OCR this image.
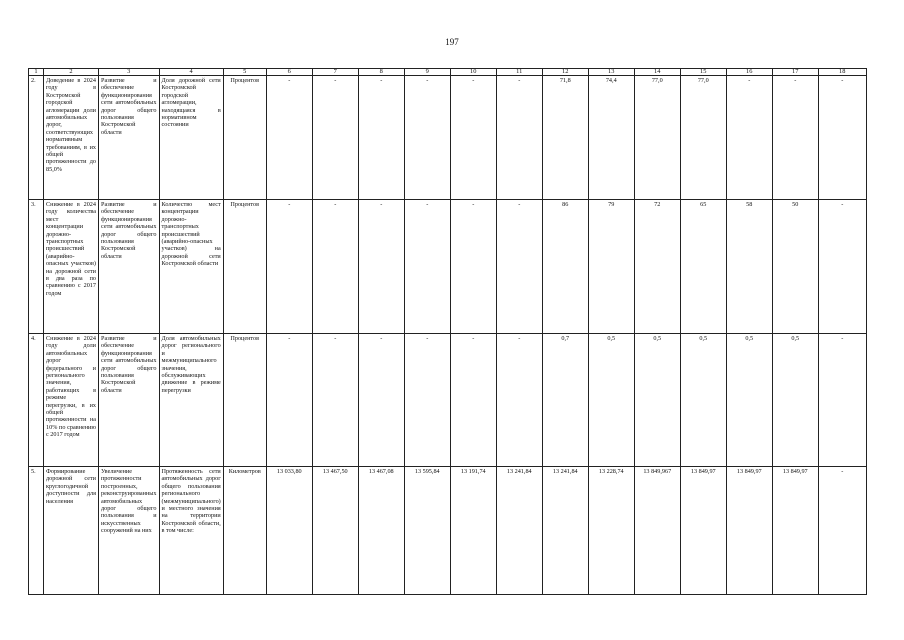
197
1	2	3	4	5	6	7	8	9	10	11	12	13	14	15	16	17	18
2.	Доведение в 2024 году в Костромской городской агломерации доли автомобильных дорог, соответствующих нормативным требованиям, в их общей протяженности до 85,0%	Развитие и обеспечение функционирования сети автомобильных дорог общего пользования Костромской области	Доля дорожной сети Костромской городской агломерации, находящаяся в нормативном состоянии	Процентов	-	-	-	-	-	-	71,8	74,4	77,0	77,0	-	-	-
3.	Снижение в 2024 году количества мест концентрации дорожно-транспортных происшествий (аварийно-опасных участков) на дорожной сети в два раза по сравнению с 2017 годом	Развитие и обеспечение функционирования сети автомобильных дорог общего пользования Костромской области	Количество мест концентрации дорожно-транспортных происшествий (аварийно-опасных участков) на дорожной сети Костромской области	Процентов	-	-	-	-	-	-	86	79	72	65	58	50	-
4.	Снижение в 2024 году доли автомобильных дорог федерального и регионального значения, работающих в режиме перегрузки, в их общей протяженности на 10% по сравнению с 2017 годом	Развитие и обеспечение функционирования сети автомобильных дорог общего пользования Костромской области	Доля автомобильных дорог регионального и межмуниципального значения, обслуживающих движение в режиме перегрузки	Процентов	-	-	-	-	-	-	0,7	0,5	0,5	0,5	0,5	0,5	-
5.	Формирование дорожной сети круглогодичной доступности для населения	Увеличение протяженности построенных, реконструированных автомобильных дорог общего пользования и искусственных сооружений на них	Протяженность сети автомобильных дорог общего пользования регионального (межмуниципального) и местного значения на территории Костромской области, в том числе:	Километров	13 033,80	13 467,50	13 467,08	13 595,84	13 191,74	13 241,84	13 241,84	13 228,74	13 849,967	13 849,97	13 849,97	13 849,97	-
